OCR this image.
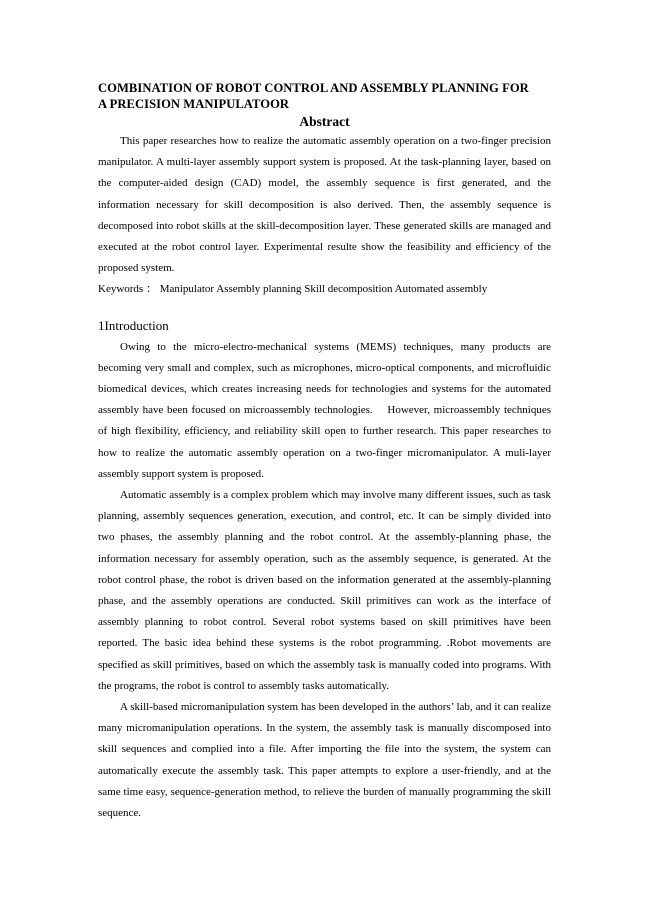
COMBINATION OF ROBOT CONTROL AND ASSEMBLY PLANNING FOR
A PRECISION MANIPULATOOR
Abstract

This paper researches how to realize the automatic assembly operation on a two-finger precision manipulator. A multi-layer assembly support system is proposed. At the task-planning layer, based on the computer-aided design (CAD) model, the assembly sequence is first generated, and the information necessary for skill decomposition is also derived. Then, the assembly sequence is decomposed into robot skills at the skill-decomposition layer. These generated skills are managed and executed at the robot control layer. Experimental resulte show the feasibility and efficiency of the proposed system.

Keywords ： Manipulator Assembly planning Skill decomposition Automated assembly
1Introduction

Owing to the micro-electro-mechanical systems (MEMS) techniques, many products are becoming very small and complex, such as microphones, micro-optical components, and microfluidic biomedical devices, which creates increasing needs for technologies and systems for the automated assembly have been focused on microassembly technologies.    However, microassembly techniques of high flexibility, efficiency, and reliability skill open to further research. This paper researches to how to realize the automatic assembly operation on a two-finger micromanipulator. A muli-layer assembly support system is proposed.

Automatic assembly is a complex problem which may involve many different issues, such as task planning, assembly sequences generation, execution, and control, etc. It can be simply divided into two phases, the assembly planning and the robot control. At the assembly-planning phase, the information necessary for assembly operation, such as the assembly sequence, is generated. At the robot control phase, the robot is driven based on the information generated at the assembly-planning phase, and the assembly operations are conducted. Skill primitives can work as the interface of assembly planning to robot control. Several robot systems based on skill primitives have been reported. The basic idea behind these systems is the robot programming. .Robot movements are specified as skill primitives, based on which the assembly task is manually coded into programs. With the programs, the robot is control to assembly tasks automatically.

A skill-based micromanipulation system has been developed in the authors’ lab, and it can realize many micromanipulation operations. In the system, the assembly task is manually discomposed into skill sequences and complied into a file. After importing the file into the system, the system can automatically execute the assembly task. This paper attempts to explore a user-friendly, and at the same time easy, sequence-generation method, to relieve the burden of manually programming the skill sequence.
